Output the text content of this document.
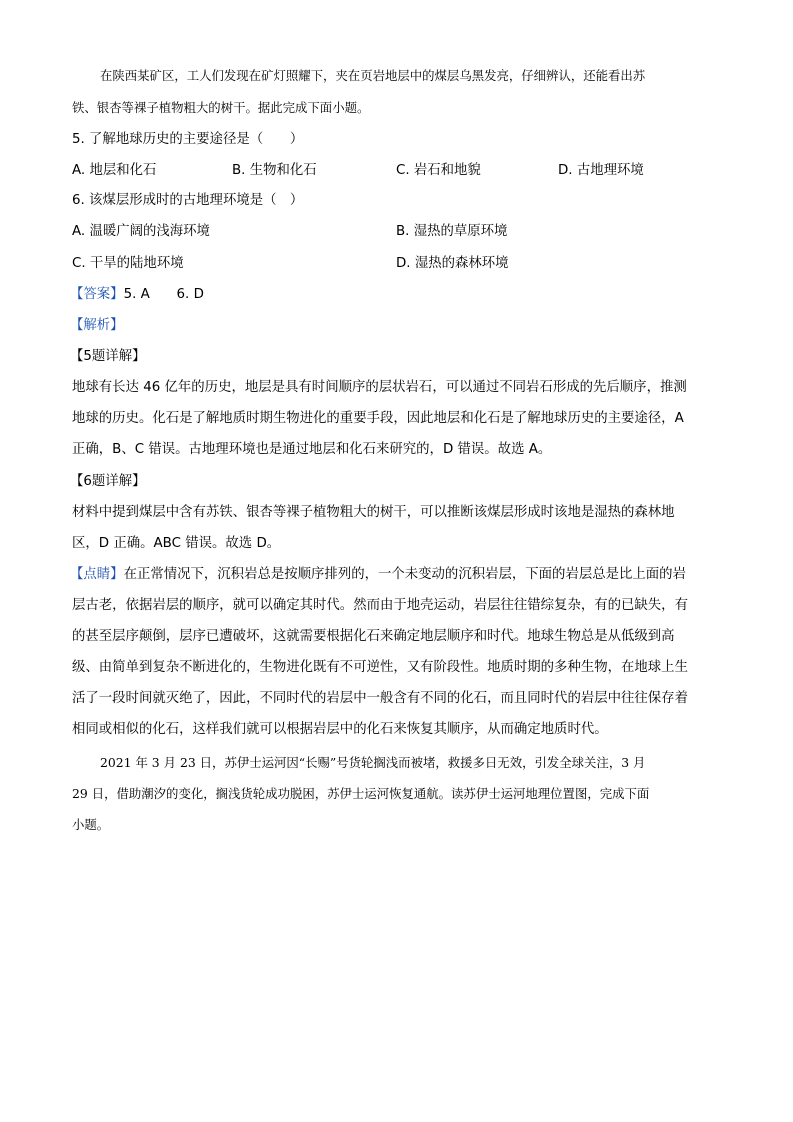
在陕西某矿区，工人们发现在矿灯照耀下，夹在页岩地层中的煤层乌黑发亮，仔细辨认，还能看出苏
铁、银杏等裸子植物粗大的树干。据此完成下面小题。
5. 了解地球历史的主要途径是（　　）
A. 地层和化石	B. 生物和化石	C. 岩石和地貌	D. 古地理环境
6. 该煤层形成时的古地理环境是（　）
A. 温暖广阔的浅海环境	B. 湿热的草原环境
C. 干旱的陆地环境	D. 湿热的森林环境
【答案】5. A　　6. D
【解析】
【5题详解】
地球有长达 46 亿年的历史，地层是具有时间顺序的层状岩石，可以通过不同岩石形成的先后顺序，推测
地球的历史。化石是了解地质时期生物进化的重要手段，因此地层和化石是了解地球历史的主要途径，A
正确，B、C 错误。古地理环境也是通过地层和化石来研究的，D 错误。故选 A。
【6题详解】
材料中提到煤层中含有苏铁、银杏等裸子植物粗大的树干，可以推断该煤层形成时该地是湿热的森林地
区，D 正确。ABC 错误。故选 D。
【点睛】在正常情况下，沉积岩总是按顺序排列的，一个未变动的沉积岩层，下面的岩层总是比上面的岩
层古老，依据岩层的顺序，就可以确定其时代。然而由于地壳运动，岩层往往错综复杂，有的已缺失，有
的甚至层序颠倒，层序已遭破坏，这就需要根据化石来确定地层顺序和时代。地球生物总是从低级到高
级、由简单到复杂不断进化的，生物进化既有不可逆性，又有阶段性。地质时期的多种生物，在地球上生
活了一段时间就灭绝了，因此，不同时代的岩层中一般含有不同的化石，而且同时代的岩层中往往保存着
相同或相似的化石，这样我们就可以根据岩层中的化石来恢复其顺序，从而确定地质时代。
2021 年 3 月 23 日，苏伊士运河因“长赐”号货轮搁浅而被堵，救援多日无效，引发全球关注，3 月
29 日，借助潮汐的变化，搁浅货轮成功脱困，苏伊士运河恢复通航。读苏伊士运河地理位置图，完成下面
小题。
